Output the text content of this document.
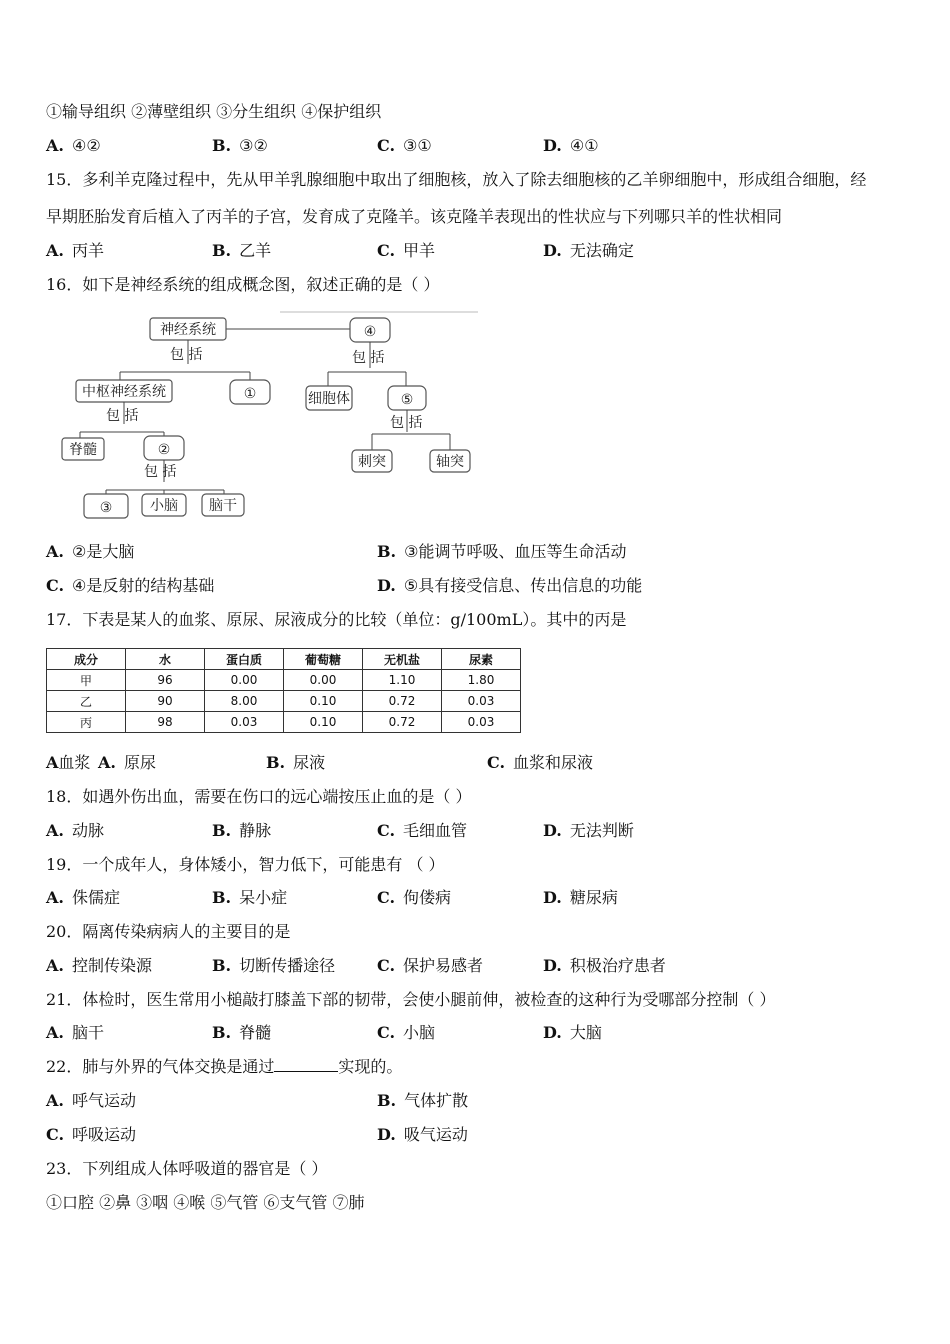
①输导组织 ②薄壁组织 ③分生组织 ④保护组织
A. ④②	B. ③②	C. ③①	D. ④①
15．多利羊克隆过程中，先从甲羊乳腺细胞中取出了细胞核，放入了除去细胞核的乙羊卵细胞中，形成组合细胞，经
早期胚胎发育后植入了丙羊的子宫，发育成了克隆羊。该克隆羊表现出的性状应与下列哪只羊的性状相同
A. 丙羊	B. 乙羊	C. 甲羊	D. 无法确定
16．如下是神经系统的组成概念图，叙述正确的是（ ）
神经系统	④
包 括	包 括
中枢神经系统	①	细胞体	⑤
包 括	包 括
脊髓	②
刺突	轴突
包 括
③	小脑 脑干
A. ②是大脑	B. ③能调节呼吸、血压等生命活动
C. ④是反射的结构基础	D. ⑤具有接受信息、传出信息的功能
17．下表是某人的血浆、原尿、尿液成分的比较（单位：g/100mL）。其中的丙是
成分	水	蛋白质	葡萄糖	无机盐	尿素
甲	96	0.00	0.00	1.10	1.80
乙	90	8.00	0.10	0.72	0.03
丙	98	0.03	0.10	0.72	0.03
A血浆 A. 原尿	B. 尿液	C. 血浆和尿液
18．如遇外伤出血，需要在伤口的远心端按压止血的是（ ）
A. 动脉	B. 静脉	C. 毛细血管	D. 无法判断
19．一个成年人，身体矮小，智力低下，可能患有 （ ）
A. 侏儒症	B. 呆小症	C. 佝偻病	D. 糖尿病
20．隔离传染病病人的主要目的是
A. 控制传染源	B. 切断传播途径	C. 保护易感者	D. 积极治疗患者
21．体检时，医生常用小槌敲打膝盖下部的韧带，会使小腿前伸，被检查的这种行为受哪部分控制（ ）
A. 脑干	B. 脊髓	C. 小脑	D. 大脑
22．肺与外界的气体交换是通过	实现的。
A. 呼气运动	B. 气体扩散
C. 呼吸运动	D. 吸气运动
23．下列组成人体呼吸道的器官是（ ）
①口腔 ②鼻 ③咽 ④喉 ⑤气管 ⑥支气管 ⑦肺
